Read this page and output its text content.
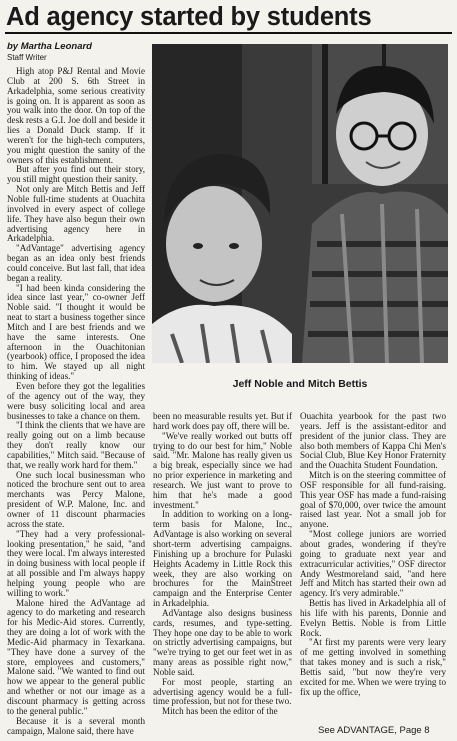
Ad agency started by students
by Martha Leonard
Staff Writer

High atop P&J Rental and Movie Club at 200 S. 6th Street in Arkadelphia, some serious creativity is going on. It is apparent as soon as you walk into the door. On top of the desk rests a G.I. Joe doll and beside it lies a Donald Duck stamp. If it weren't for the high-tech computers, you might question the sanity of the owners of this establishment.

But after you find out their story, you still might question their sanity.

Not only are Mitch Bettis and Jeff Noble full-time students at Ouachita involved in every aspect of college life. They have also begun their own advertising agency here in Arkadelphia.

"AdVantage" advertising agency began as an idea only best friends could conceive. But last fall, that idea began a reality.

"I had been kinda considering the idea since last year," co-owner Jeff Noble said. "I thought it would be neat to start a business together since Mitch and I are best friends and we have the same interests. One afternoon in the Ouachitonian (yearbook) office, I proposed the idea to him. We stayed up all night thinking of ideas."

Even before they got the legalities of the agency out of the way, they were busy soliciting local and area businesses to take a chance on them.

"I think the clients that we have are really going out on a limb because they don't really know our capabilities," Mitch said. "Because of that, we really work hard for them."

One such local businessman who noticed the brochure sent out to area merchants was Percy Malone, president of W.P. Malone, Inc. and owner of 11 discount pharmacies across the state.

"They had a very professional-looking presentation," he said, "and they were local. I'm always interested in doing business with local people if at all possible and I'm always happy helping young people who are willing to work."

Malone hired the AdVantage ad agency to do marketing and research for his Medic-Aid stores. Currently, they are doing a lot of work with the Medic-Aid pharmacy in Texarkana. "They have done a survey of the store, employees and customers," Malone said. "We wanted to find out how we appear to the general public and whether or not our image as a discount pharmacy is getting across to the general public."

Because it is a several month campaign, Malone said, there have

Jeff Noble and Mitch Bettis

been no measurable results yet. But if hard work does pay off, there will be.

"We've really worked out butts off trying to do our best for him," Noble said. "Mr. Malone has really given us a big break, especially since we had no prior experience in marketing and research. We just want to prove to him that he's made a good investment."

In addition to working on a long-term basis for Malone, Inc., AdVantage is also working on several short-term advertising campaigns. Finishing up a brochure for Pulaski Heights Academy in Little Rock this week, they are also working on brochures for the MainStreet campaign and the Enterprise Center in Arkadelphia.

AdVantage also designs business cards, resumes, and type-setting. They hope one day to be able to work on strictly advertising campaigns, but "we're trying to get our feet wet in as many areas as possible right now," Noble said.

For most people, starting an advertising agency would be a full-time profession, but not for these two.

Mitch has been the editor of the

Ouachita yearbook for the past two years. Jeff is the assistant-editor and president of the junior class. They are also both members of Kappa Chi Men's Social Club, Blue Key Honor Fraternity and the Ouachita Student Foundation.

Mitch is on the steering committee of OSF responsible for all fund-raising. This year OSF has made a fund-raising goal of $70,000, over twice the amount raised last year. Not a small job for anyone.

"Most college juniors are worried about grades, wondering if they're going to graduate next year and extracurricular activities," OSF director Andy Westmoreland said, "and here Jeff and Mitch has started their own ad agency. It's very admirable."

Bettis has lived in Arkadelphia all of his life with his parents, Donnie and Evelyn Bettis. Noble is from Little Rock.

"At first my parents were very leary of me getting involved in something that takes money and is such a risk," Bettis said, "but now they're very excited for me. When we were trying to fix up the office,

See ADVANTAGE, Page 8
